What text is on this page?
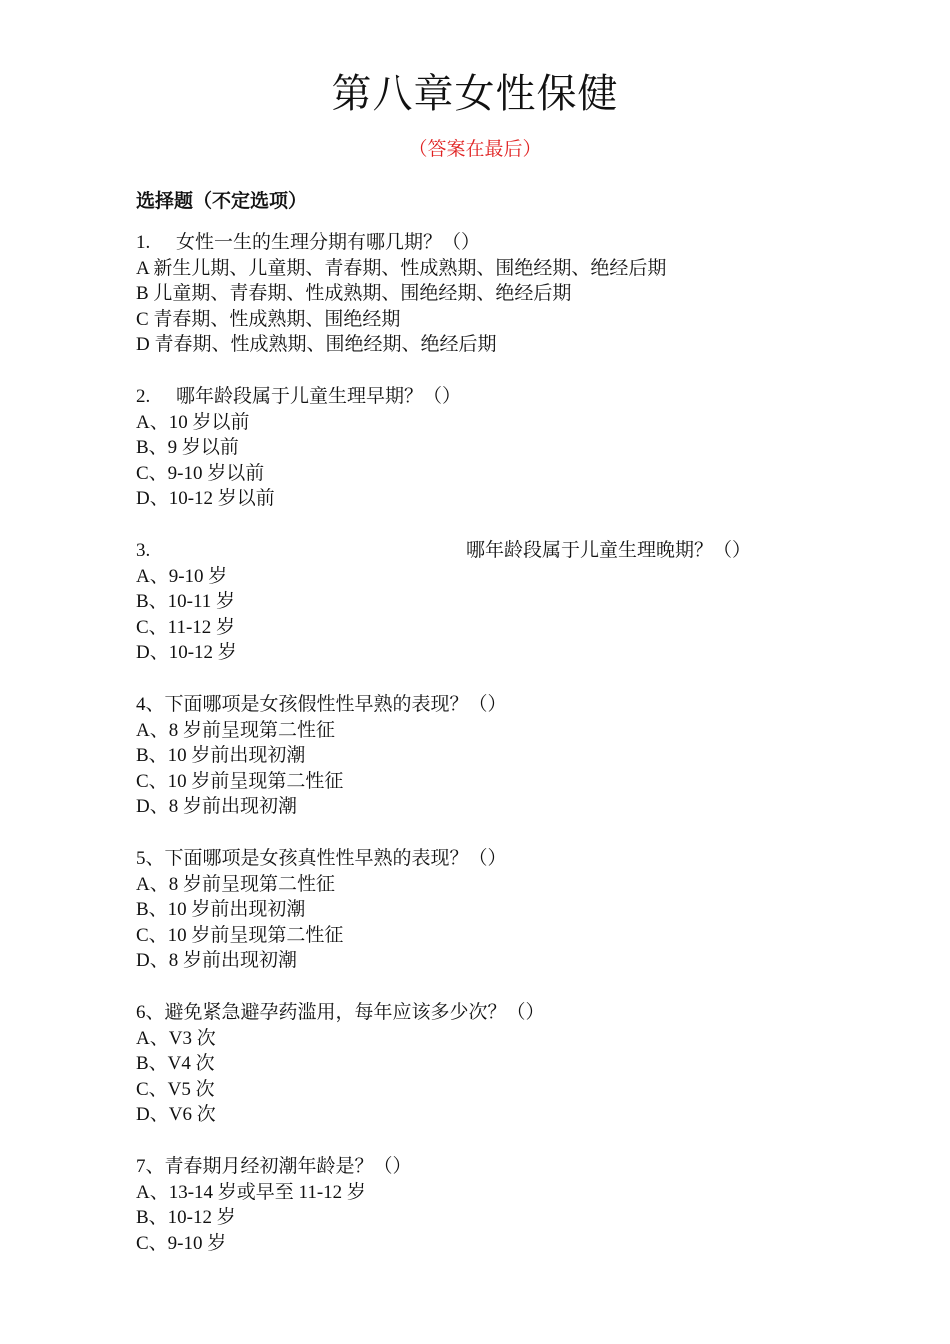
第八章女性保健
（答案在最后）
选择题（不定选项）
1. 女性一生的生理分期有哪几期？（）
A 新生儿期、儿童期、青春期、性成熟期、围绝经期、绝经后期
B 儿童期、青春期、性成熟期、围绝经期、绝经后期
C 青春期、性成熟期、围绝经期
D 青春期、性成熟期、围绝经期、绝经后期
2. 哪年龄段属于儿童生理早期？（）
A、10 岁以前
B、9 岁以前
C、9-10 岁以前
D、10-12 岁以前
3.	哪年龄段属于儿童生理晚期？（）
A、9-10 岁
B、10-11 岁
C、11-12 岁
D、10-12 岁
4、下面哪项是女孩假性性早熟的表现？（）
A、8 岁前呈现第二性征
B、10 岁前出现初潮
C、10 岁前呈现第二性征
D、8 岁前出现初潮
5、下面哪项是女孩真性性早熟的表现？（）
A、8 岁前呈现第二性征
B、10 岁前出现初潮
C、10 岁前呈现第二性征
D、8 岁前出现初潮
6、避免紧急避孕药滥用，每年应该多少次？（）
A、V3 次
B、V4 次
C、V5 次
D、V6 次
7、青春期月经初潮年龄是？（）
A、13-14 岁或早至 11-12 岁
B、10-12 岁
C、9-10 岁
